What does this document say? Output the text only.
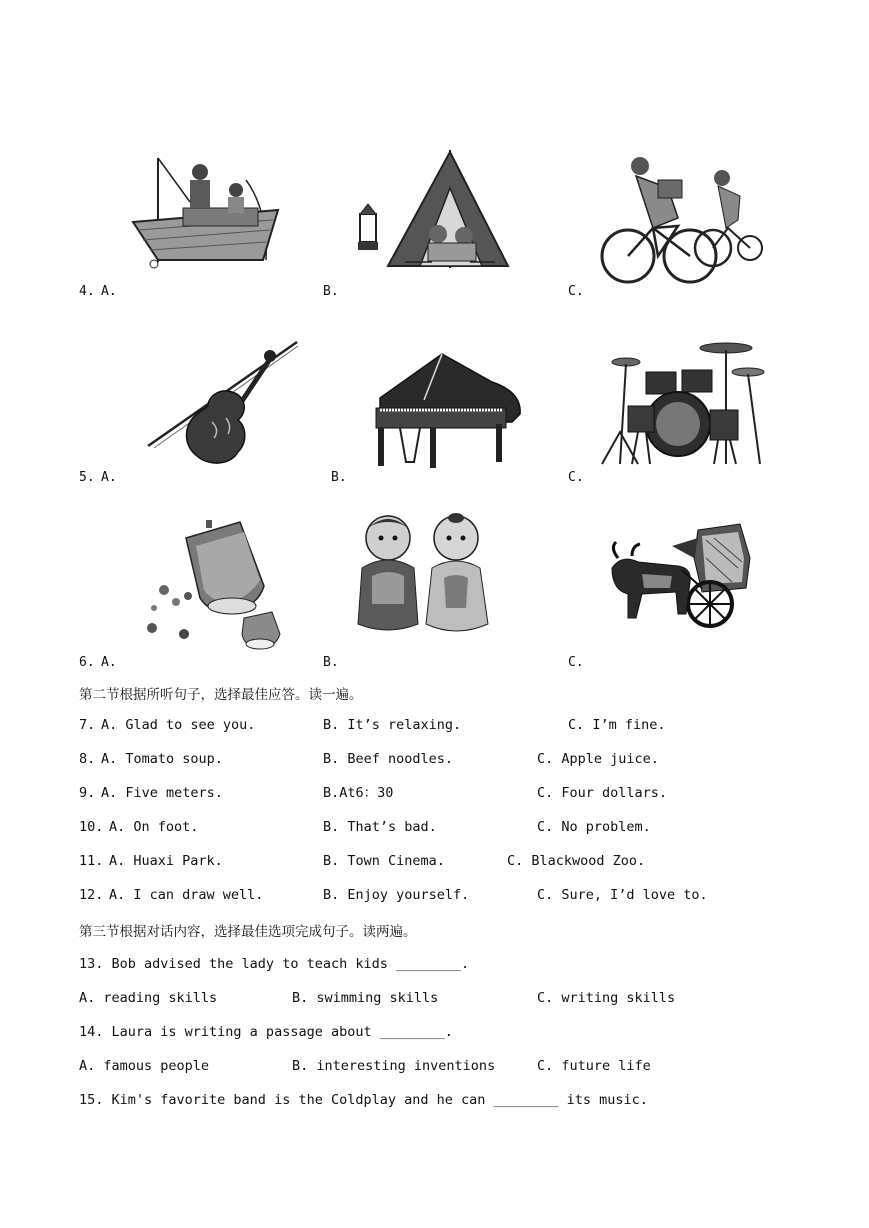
4. A.	B.	C.
5. A.	B.	C.
6. A.	B.	C.
第二节根据所听句子，选择最佳应答。读一遍。
7. A. Glad to see you.	B. It’s relaxing.	C. I’m fine.
8. A. Tomato soup.	B. Beef noodles.	C. Apple juice.
9. A. Five meters.	B.At6：30	C. Four dollars.
10. A. On foot.	B. That’s bad.	C. No problem.
11. A. Huaxi Park.	B. Town Cinema.	C. Blackwood Zoo.
12. A. I can draw well.	B. Enjoy yourself.	C. Sure, I’d love to.
第三节根据对话内容，选择最佳选项完成句子。读两遍。
13. Bob advised the lady to teach kids ________.
A. reading skills	B. swimming skills	C. writing skills
14. Laura is writing a passage about ________.
A. famous people	B. interesting inventions	C. future life
15. Kim's favorite band is the Coldplay and he can ________ its music.
